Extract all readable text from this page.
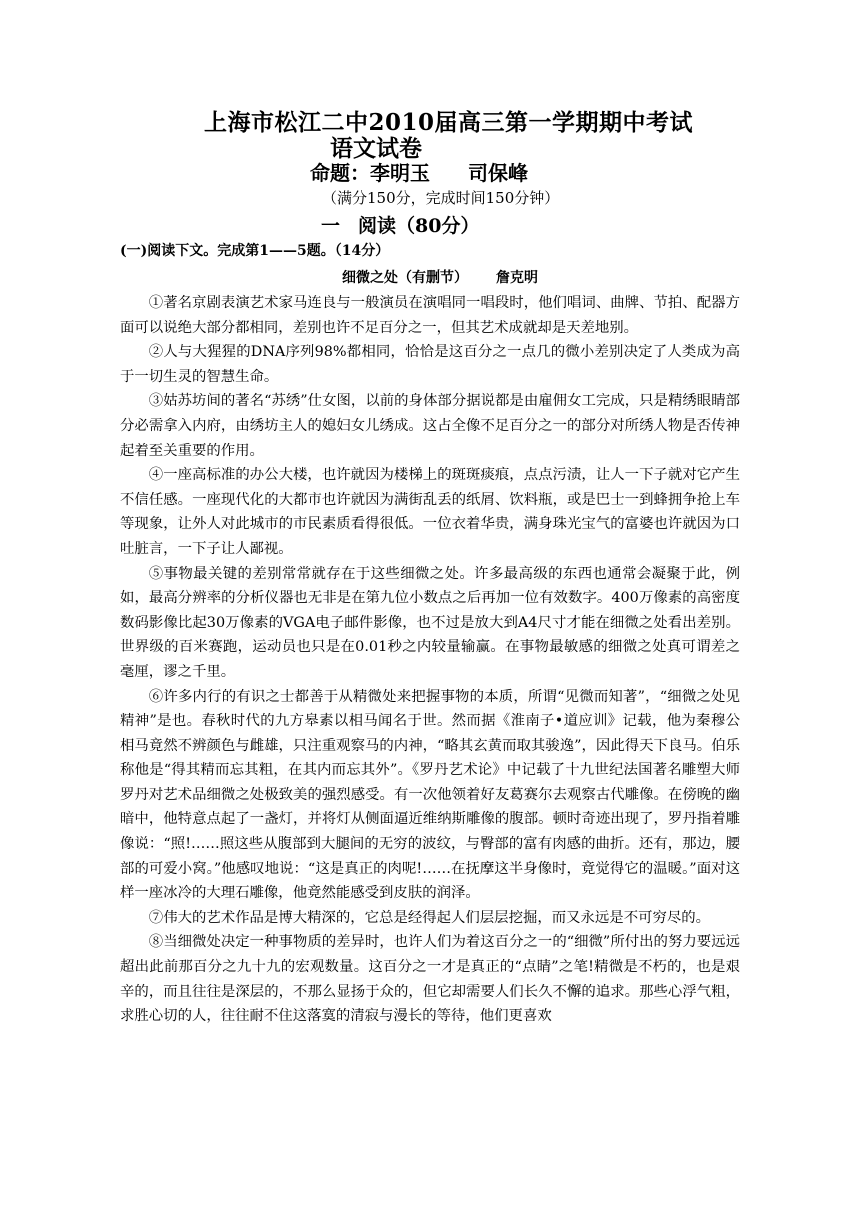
上海市松江二中2010届高三第一学期期中考试
语文试卷
命题：李明玉 司保峰
（满分150分，完成时间150分钟）
一 阅读（80分）
(一)阅读下文。完成第1——5题。（14分）
细微之处（有删节） 詹克明

①著名京剧表演艺术家马连良与一般演员在演唱同一唱段时，他们唱词、曲牌、节拍、配器方面可以说绝大部分都相同，差别也许不足百分之一，但其艺术成就却是天差地别。

②人与大猩猩的DNA序列98%都相同，恰恰是这百分之一点几的微小差别决定了人类成为高于一切生灵的智慧生命。

③姑苏坊间的著名“苏绣”仕女图，以前的身体部分据说都是由雇佣女工完成，只是精绣眼睛部分必需拿入内府，由绣坊主人的媳妇女儿绣成。这占全像不足百分之一的部分对所绣人物是否传神起着至关重要的作用。

④一座高标准的办公大楼，也许就因为楼梯上的斑斑痰痕，点点污渍，让人一下子就对它产生不信任感。一座现代化的大都市也许就因为满街乱丢的纸屑、饮料瓶，或是巴士一到蜂拥争抢上车等现象，让外人对此城市的市民素质看得很低。一位衣着华贵，满身珠光宝气的富婆也许就因为口吐脏言，一下子让人鄙视。

⑤事物最关键的差别常常就存在于这些细微之处。许多最高级的东西也通常会凝聚于此，例如，最高分辨率的分析仪器也无非是在第九位小数点之后再加一位有效数字。400万像素的高密度数码影像比起30万像素的VGA电子邮件影像，也不过是放大到A4尺寸才能在细微之处看出差别。世界级的百米赛跑，运动员也只是在0.01秒之内较量输赢。在事物最敏感的细微之处真可谓差之毫厘，谬之千里。

⑥许多内行的有识之士都善于从精微处来把握事物的本质，所谓“见微而知著”，“细微之处见精神”是也。春秋时代的九方皋素以相马闻名于世。然而据《淮南子•道应训》记载，他为秦穆公相马竟然不辨颜色与雌雄，只注重观察马的内神，“略其玄黄而取其骏逸”，因此得天下良马。伯乐称他是“得其精而忘其粗，在其内而忘其外”。《罗丹艺术论》中记载了十九世纪法国著名雕塑大师罗丹对艺术品细微之处极致美的强烈感受。有一次他领着好友葛赛尔去观察古代雕像。在傍晚的幽暗中，他特意点起了一盏灯，并将灯从侧面逼近维纳斯雕像的腹部。顿时奇迹出现了，罗丹指着雕像说：“照!……照这些从腹部到大腿间的无穷的波纹，与臀部的富有肉感的曲折。还有，那边，腰部的可爱小窝。”他感叹地说：“这是真正的肉呢!……在抚摩这半身像时，竟觉得它的温暖。”面对这样一座冰冷的大理石雕像，他竟然能感受到皮肤的润泽。

⑦伟大的艺术作品是博大精深的，它总是经得起人们层层挖掘，而又永远是不可穷尽的。

⑧当细微处决定一种事物质的差异时，也许人们为着这百分之一的“细微”所付出的努力要远远超出此前那百分之九十九的宏观数量。这百分之一才是真正的“点睛”之笔!精微是不朽的，也是艰辛的，而且往往是深层的，不那么显扬于众的，但它却需要人们长久不懈的追求。那些心浮气粗，求胜心切的人，往往耐不住这落寞的清寂与漫长的等待，他们更喜欢
